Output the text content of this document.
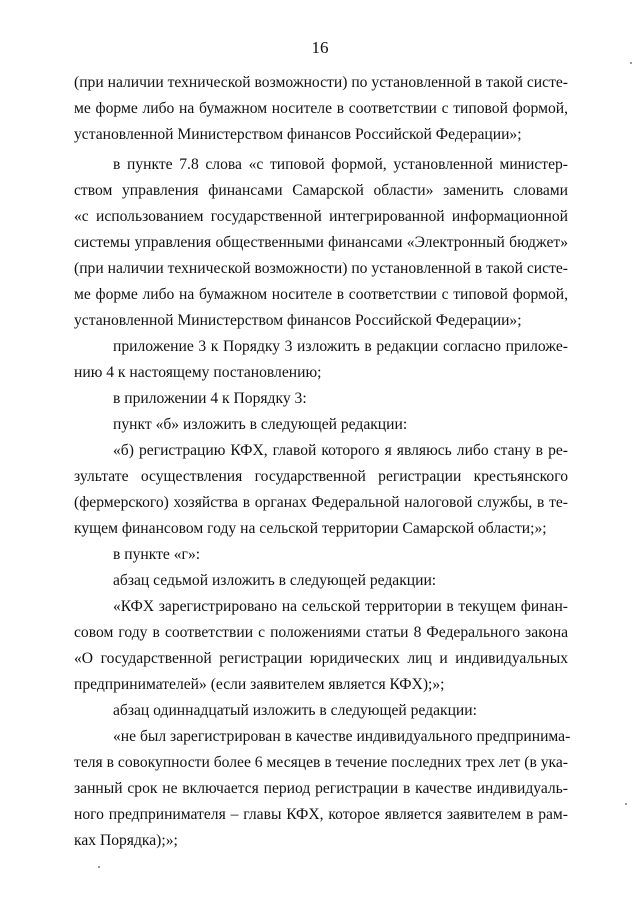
16
(при наличии технической возможности) по установленной в такой систе-
ме форме либо на бумажном носителе в соответствии с типовой формой,
установленной Министерством финансов Российской Федерации»;
в пункте 7.8 слова «с типовой формой, установленной министер-
ством управления финансами Самарской области» заменить словами
«с использованием государственной интегрированной информационной
системы управления общественными финансами «Электронный бюджет»
(при наличии технической возможности) по установленной в такой систе-
ме форме либо на бумажном носителе в соответствии с типовой формой,
установленной Министерством финансов Российской Федерации»;
приложение 3 к Порядку 3 изложить в редакции согласно приложе-
нию 4 к настоящему постановлению;
в приложении 4 к Порядку 3:
пункт «б» изложить в следующей редакции:
«б) регистрацию КФХ, главой которого я являюсь либо стану в ре-
зультате осуществления государственной регистрации крестьянского
(фермерского) хозяйства в органах Федеральной налоговой службы, в те-
кущем финансовом году на сельской территории Самарской области;»;
в пункте «г»:
абзац седьмой изложить в следующей редакции:
«КФХ зарегистрировано на сельской территории в текущем финан-
совом году в соответствии с положениями статьи 8 Федерального закона
«О государственной регистрации юридических лиц и индивидуальных
предпринимателей» (если заявителем является КФХ);»;
абзац одиннадцатый изложить в следующей редакции:
«не был зарегистрирован в качестве индивидуального предпринима-
теля в совокупности более 6 месяцев в течение последних трех лет (в ука-
занный срок не включается период регистрации в качестве индивидуаль-
ного предпринимателя – главы КФХ, которое является заявителем в рам-
ках Порядка);»;
